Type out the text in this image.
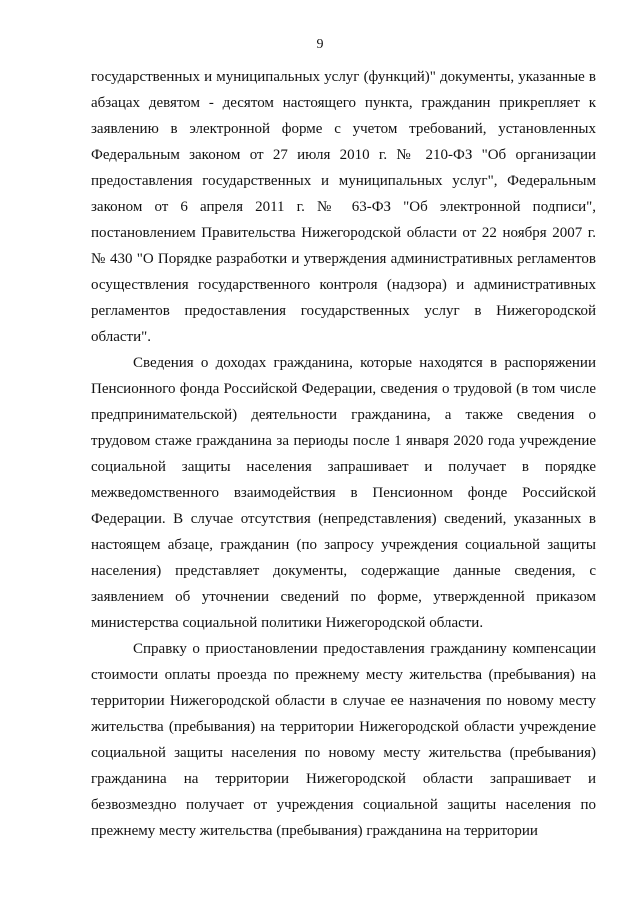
9

государственных и муниципальных услуг (функций)" документы, указанные в абзацах девятом - десятом настоящего пункта, гражданин прикрепляет к заявлению в электронной форме с учетом требований, установленных Федеральным законом от 27 июля 2010 г. № 210-ФЗ "Об организации предоставления государственных и муниципальных услуг", Федеральным законом от 6 апреля 2011 г. № 63-ФЗ "Об электронной подписи", постановлением Правительства Нижегородской области от 22 ноября 2007 г. № 430 "О Порядке разработки и утверждения административных регламентов осуществления государственного контроля (надзора) и административных регламентов предоставления государственных услуг в Нижегородской области".

Сведения о доходах гражданина, которые находятся в распоряжении Пенсионного фонда Российской Федерации, сведения о трудовой (в том числе предпринимательской) деятельности гражданина, а также сведения о трудовом стаже гражданина за периоды после 1 января 2020 года учреждение социальной защиты населения запрашивает и получает в порядке межведомственного взаимодействия в Пенсионном фонде Российской Федерации. В случае отсутствия (непредставления) сведений, указанных в настоящем абзаце, гражданин (по запросу учреждения социальной защиты населения) представляет документы, содержащие данные сведения, с заявлением об уточнении сведений по форме, утвержденной приказом министерства социальной политики Нижегородской области.

Справку о приостановлении предоставления гражданину компенсации стоимости оплаты проезда по прежнему месту жительства (пребывания) на территории Нижегородской области в случае ее назначения по новому месту жительства (пребывания) на территории Нижегородской области учреждение социальной защиты населения по новому месту жительства (пребывания) гражданина на территории Нижегородской области запрашивает и безвозмездно получает от учреждения социальной защиты населения по прежнему месту жительства (пребывания) гражданина на территории
